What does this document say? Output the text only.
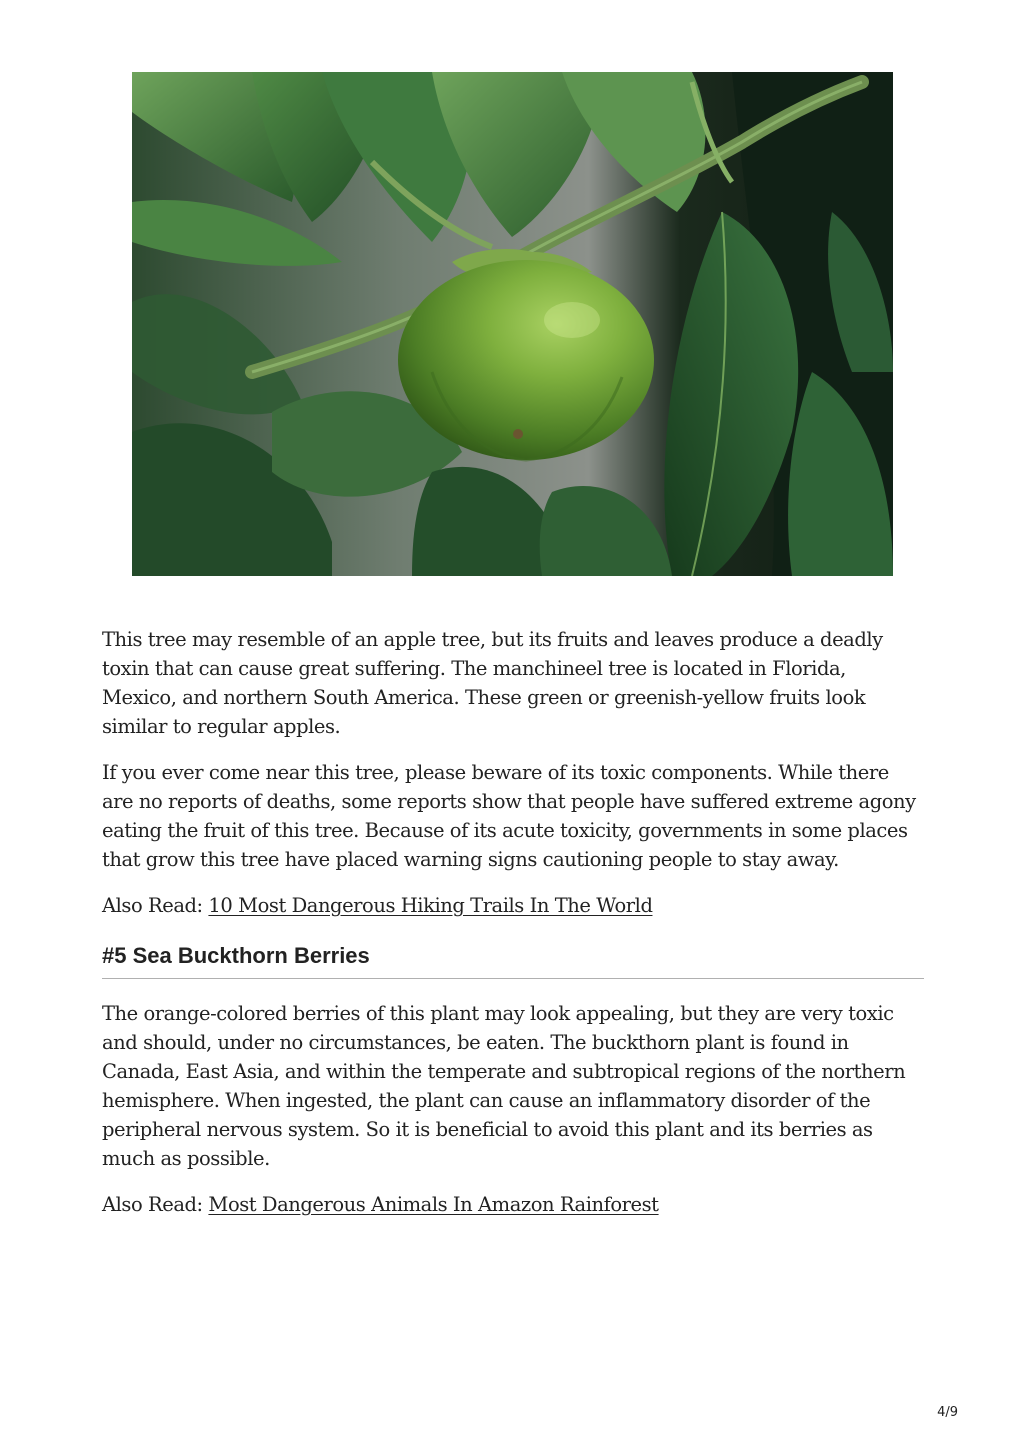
This tree may resemble of an apple tree, but its fruits and leaves produce a deadly toxin that can cause great suffering. The manchineel tree is located in Florida, Mexico, and northern South America. These green or greenish-yellow fruits look similar to regular apples.

If you ever come near this tree, please beware of its toxic components. While there are no reports of deaths, some reports show that people have suffered extreme agony eating the fruit of this tree. Because of its acute toxicity, governments in some places that grow this tree have placed warning signs cautioning people to stay away.

Also Read: 10 Most Dangerous Hiking Trails In The World

#5 Sea Buckthorn Berries

The orange-colored berries of this plant may look appealing, but they are very toxic and should, under no circumstances, be eaten. The buckthorn plant is found in Canada, East Asia, and within the temperate and subtropical regions of the northern hemisphere. When ingested, the plant can cause an inflammatory disorder of the peripheral nervous system. So it is beneficial to avoid this plant and its berries as much as possible.

Also Read: Most Dangerous Animals In Amazon Rainforest

4/9
